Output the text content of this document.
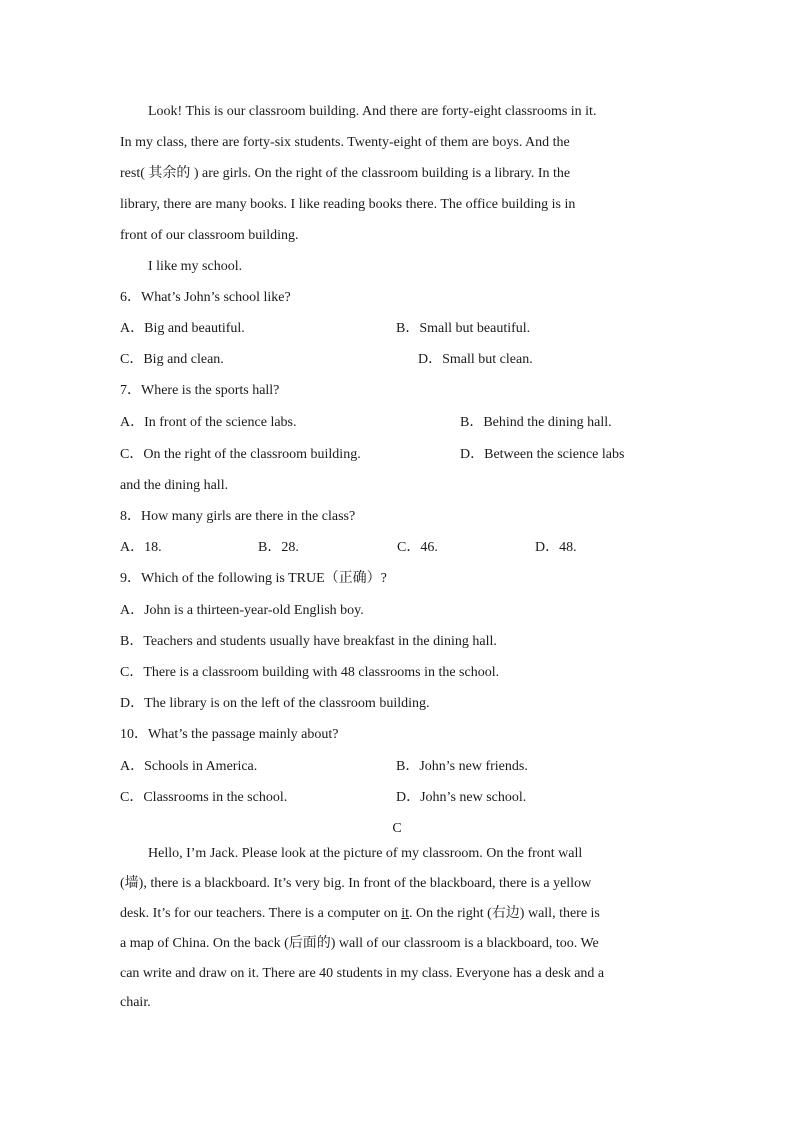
Look! This is our classroom building. And there are forty-eight classrooms in it.
In my class, there are forty-six students. Twenty-eight of them are boys. And the
rest( 其余的 ) are girls. On the right of the classroom building is a library. In the
library, there are many books. I like reading books there. The office building is in
front of our classroom building.
I like my school.
6．What’s John’s school like?
A．Big and beautiful.	B．Small but beautiful.
C．Big and clean.	D．Small but clean.
7．Where is the sports hall?
A．In front of the science labs.	B．Behind the dining hall.
C．On the right of the classroom building.	D．Between the science labs
and the dining hall.
8．How many girls are there in the class?
A．18.	B．28.	C．46.	D．48.
9．Which of the following is TRUE（正确）?
A．John is a thirteen-year-old English boy.
B．Teachers and students usually have breakfast in the dining hall.
C．There is a classroom building with 48 classrooms in the school.
D．The library is on the left of the classroom building.
10．What’s the passage mainly about?
A．Schools in America.	B．John’s new friends.
C．Classrooms in the school.	D．John’s new school.
C
Hello, I’m Jack. Please look at the picture of my classroom. On the front wall
(墙), there is a blackboard. It’s very big. In front of the blackboard, there is a yellow
desk. It’s for our teachers. There is a computer on it. On the right (右边) wall, there is
a map of China. On the back (后面的) wall of our classroom is a blackboard, too. We
can write and draw on it. There are 40 students in my class. Everyone has a desk and a
chair.
